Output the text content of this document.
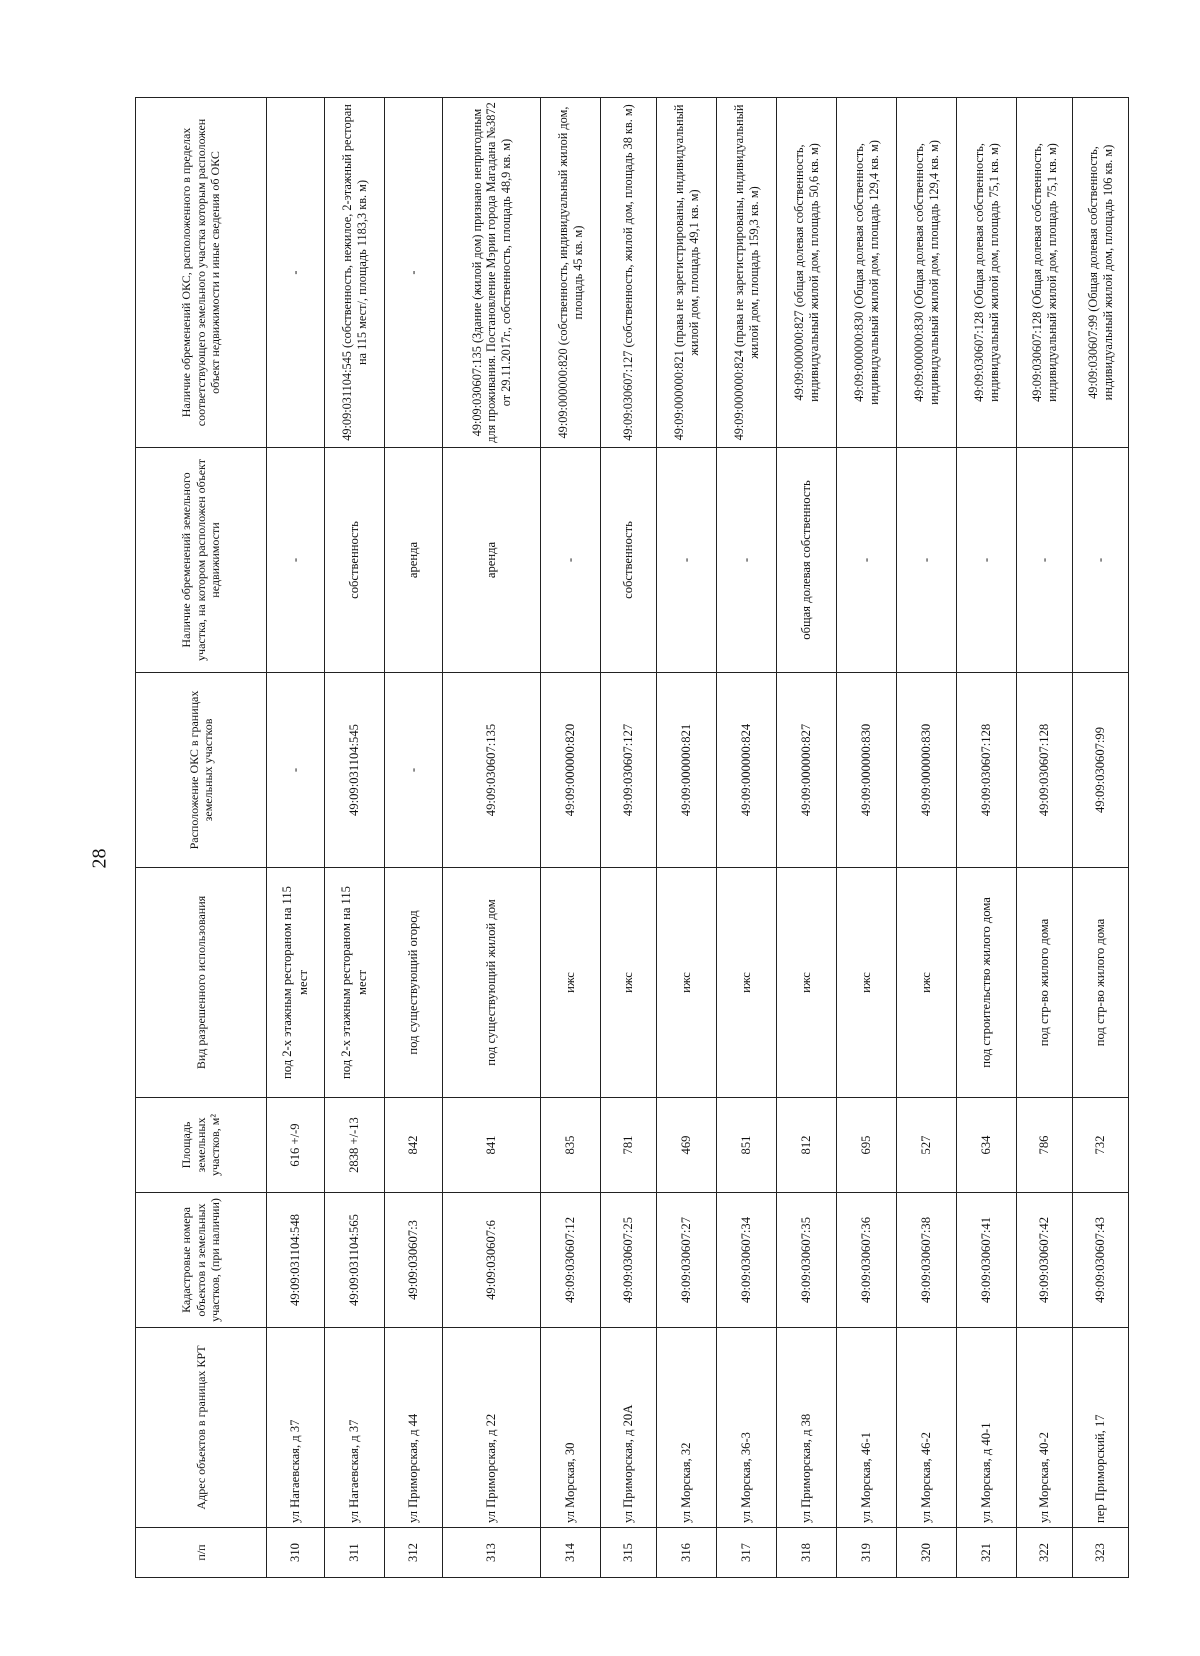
28
п/п	Адрес объектов в границах КРТ	Кадастровые номера объектов и земельных участков, (при наличии)	Площадь земельных участков, м²	Вид разрешенного использования	Расположение ОКС в границах земельных участков	Наличие обременений земельного участка, на котором расположен объект недвижимости	Наличие обременений ОКС, расположенного в пределах соответствующего земельного участка которым расположен объект недвижимости и иные сведения об ОКС
310	ул Нагаевская, д 37	49:09:031104:548	616 +/-9	под 2-х этажным рестораном на 115 мест	-	-	-
311	ул Нагаевская, д 37	49:09:031104:565	2838 +/-13	под 2-х этажным рестораном на 115 мест	49:09:031104:545	собственность	49:09:031104:545 (собственность, нежилое, 2-этажный ресторан на 115 мест/, площадь 1183,3 кв. м)
312	ул Приморская, д 44	49:09:030607:3	842	под существующий огород	-	аренда	-
313	ул Приморская, д 22	49:09:030607:6	841	под существующий жилой дом	49:09:030607:135	аренда	49:09:030607:135 (Здание (жилой дом) признано непригодным для проживания. Постановление Мэрии города Магадана №3872 от 29.11.2017г., собственность, площадь 48,9 кв. м)
314	ул Морская, 30	49:09:030607:12	835	ижс	49:09:000000:820	-	49:09:000000:820 (собственность, индивидуальный жилой дом, площадь 45 кв. м)
315	ул Приморская, д 20А	49:09:030607:25	781	ижс	49:09:030607:127	собственность	49:09:030607:127 (собственность, жилой дом, площадь 38 кв. м)
316	ул Морская, 32	49:09:030607:27	469	ижс	49:09:000000:821	-	49:09:000000:821 (права не зарегистрированы, индивидуальный жилой дом, площадь 49,1 кв. м)
317	ул Морская, 36-3	49:09:030607:34	851	ижс	49:09:000000:824	-	49:09:000000:824 (права не зарегистрированы, индивидуальный жилой дом, площадь 159,3 кв. м)
318	ул Приморская, д 38	49:09:030607:35	812	ижс	49:09:000000:827	общая долевая собственность	49:09:000000:827 (общая долевая собственность, индивидуальный жилой дом, площадь 50,6 кв. м)
319	ул Морская, 46-1	49:09:030607:36	695	ижс	49:09:000000:830	-	49:09:000000:830 (Общая долевая собственность, индивидуальный жилой дом, площадь 129,4 кв. м)
320	ул Морская, 46-2	49:09:030607:38	527	ижс	49:09:000000:830	-	49:09:000000:830 (Общая долевая собственность, индивидуальный жилой дом, площадь 129,4 кв. м)
321	ул Морская, д 40-1	49:09:030607:41	634	под строительство жилого дома	49:09:030607:128	-	49:09:030607:128 (Общая долевая собственность, индивидуальный жилой дом, площадь 75,1 кв. м)
322	ул Морская, 40-2	49:09:030607:42	786	под стр-во жилого дома	49:09:030607:128	-	49:09:030607:128 (Общая долевая собственность, индивидуальный жилой дом, площадь 75,1 кв. м)
323	пер Приморский, 17	49:09:030607:43	732	под стр-во жилого дома	49:09:030607:99	-	49:09:030607:99 (Общая долевая собственность, индивидуальный жилой дом, площадь 106 кв. м)
